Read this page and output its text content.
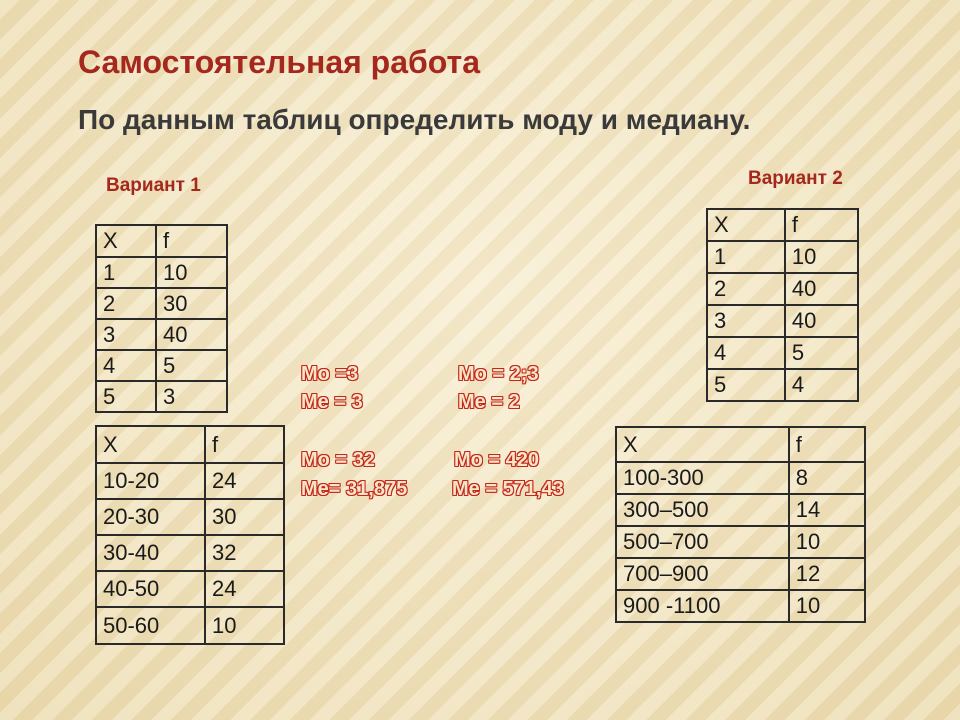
Самостоятельная работа
По данным таблиц определить моду и медиану.
Вариант 1	Вариант 2
X	f
1	10
2	30
3	40
4	5
5	3
X	f
10-20	24
20-30	30
30-40	32
40-50	24
50-60	10
X	f
1	10
2	40
3	40
4	5
5	4
X	f
100-300	8
300–500	14
500–700	10
700–900	12
900 -1100	10
Мо =3
Ме = 3
Мо = 2;3
Ме = 2
Мо = 32
Ме= 31,875
Мо = 420
Ме = 571,43
